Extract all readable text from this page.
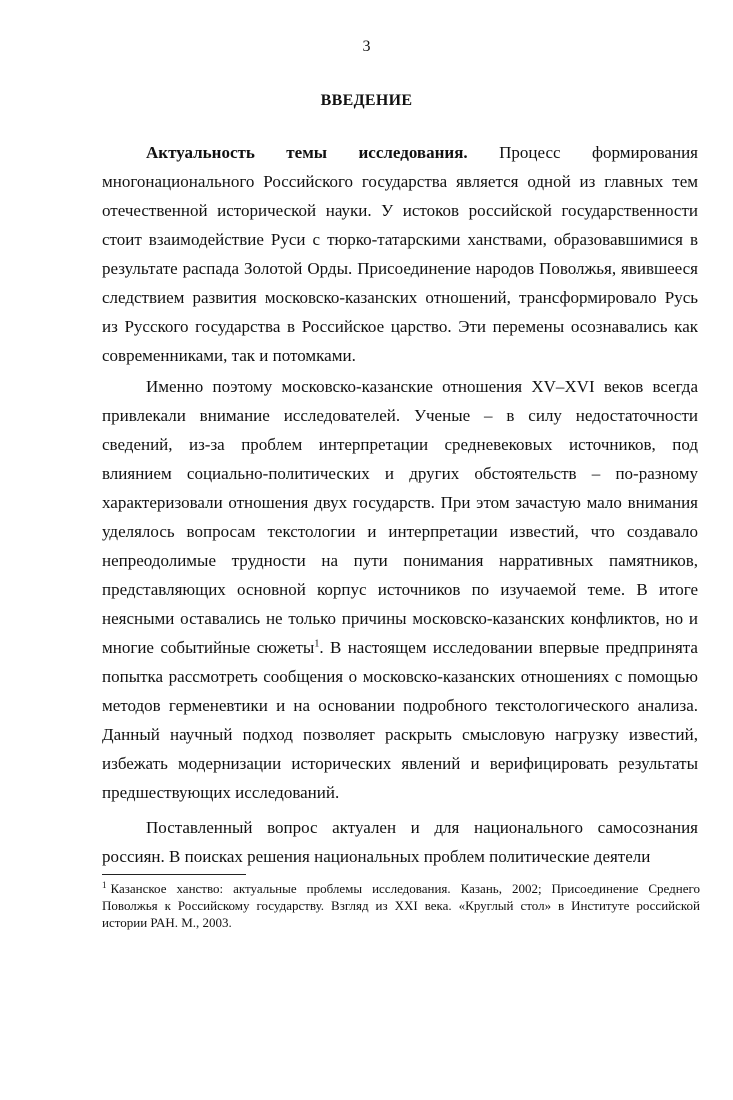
3
ВВЕДЕНИЕ

Актуальность темы исследования. Процесс формирования многонационального Российского государства является одной из главных тем отечественной исторической науки. У истоков российской государственности стоит взаимодействие Руси с тюрко-татарскими ханствами, образовавшимися в результате распада Золотой Орды. Присоединение народов Поволжья, явившееся следствием развития московско-казанских отношений, трансформировало Русь из Русского государства в Российское царство. Эти перемены осознавались как современниками, так и потомками.

Именно поэтому московско-казанские отношения XV–XVI веков всегда привлекали внимание исследователей. Ученые – в силу недостаточности сведений, из-за проблем интерпретации средневековых источников, под влиянием социально-политических и других обстоятельств – по-разному характеризовали отношения двух государств. При этом зачастую мало внимания уделялось вопросам текстологии и интерпретации известий, что создавало непреодолимые трудности на пути понимания нарративных памятников, представляющих основной корпус источников по изучаемой теме. В итоге неясными оставались не только причины московско-казанских конфликтов, но и многие событийные сюжеты$^1$. В настоящем исследовании впервые предпринята попытка рассмотреть сообщения о московско-казанских отношениях с помощью методов герменевтики и на основании подробного текстологического анализа. Данный научный подход позволяет раскрыть смысловую нагрузку известий, избежать модернизации исторических явлений и верифицировать результаты предшествующих исследований.

Поставленный вопрос актуален и для национального самосознания россиян. В поисках решения национальных проблем политические деятели

$^1$ Казанское ханство: актуальные проблемы исследования. Казань, 2002; Присоединение Среднего Поволжья к Российскому государству. Взгляд из XXI века. «Круглый стол» в Институте российской истории РАН. М., 2003.
